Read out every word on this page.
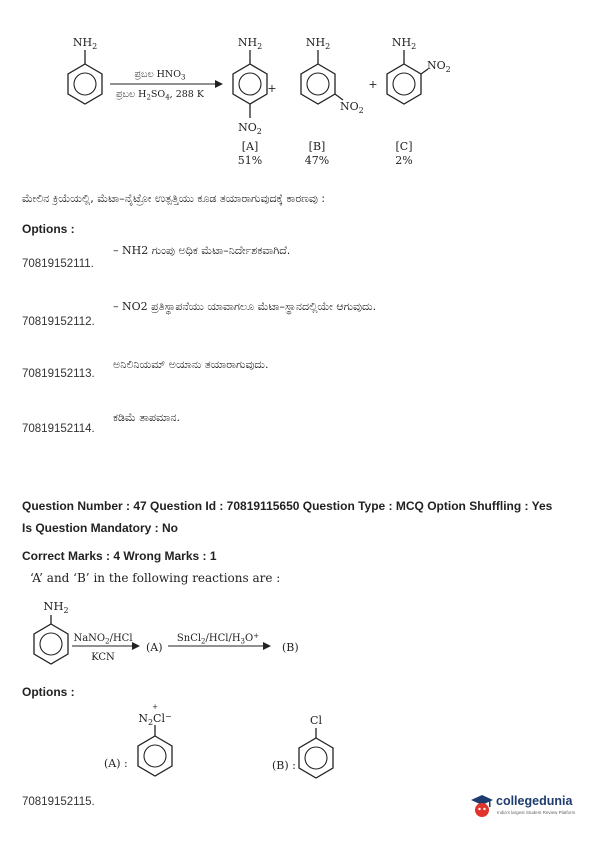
$NH_2$
ಪ್ರಬಲ $HNO_3$
ಪ್ರಬಲ $H_2SO_4$, 288 K
$NH_2$
$NO_2$
+
$NH_2$
$NO_2$
+
$NH_2$
$NO_2$
[A]
51%
[B]
47%
[C]
2%
ಮೇಲಿನ ಕ್ರಿಯೆಯಲ್ಲಿ, ಮೆಟಾ–ನೈಟ್ರೋ ಉತ್ಪತ್ತಿಯು ಕೂಡ ತಯಾರಾಗುವುದಕ್ಕೆ ಕಾರಣವು :
Options :
70819152111.
– NH2 ಗುಂಪು ಅಧಿಕ ಮೆಟಾ–ನಿರ್ದೇಶಕವಾಗಿದೆ.
70819152112.
– NO2 ಪ್ರತಿಸ್ಥಾಪನೆಯು ಯಾವಾಗಲೂ ಮೆಟಾ–ಸ್ಥಾನದಲ್ಲಿಯೇ ಆಗುವುದು.
70819152113.
ಅನಿಲಿನಿಯಮ್ ಅಯಾನು ತಯಾರಾಗುವುದು.
70819152114.
ಕಡಿಮೆ ತಾಪಮಾನ.
Question Number : 47 Question Id : 70819115650 Question Type : MCQ Option Shuffling : Yes
Is Question Mandatory : No
Correct Marks : 4 Wrong Marks : 1
‘A’ and ‘B’ in the following reactions are :
$NH_2$
NaNO$_2$/HCl
KCN
(A)
$SnCl_2/HCl/H_3O^+$
(B)
Options :
(A) :
+
$N_2Cl^-$
(B) :
Cl
70819152115.	collegedunia
India's largest Student Review Platform
